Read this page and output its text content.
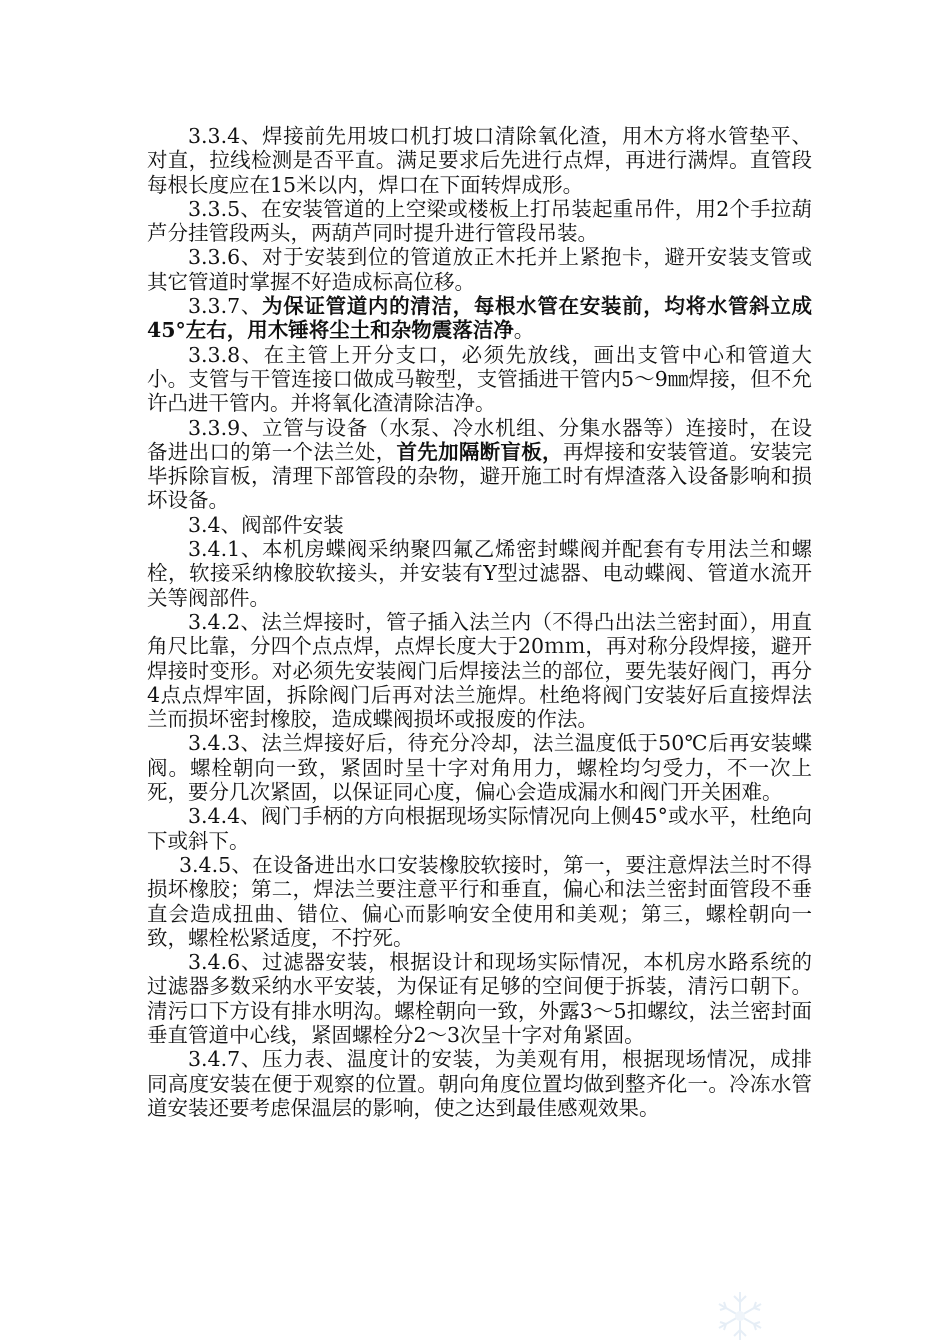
3.3.4、焊接前先用坡口机打坡口清除氧化渣，用木方将水管垫平、对直，拉线检测是否平直。满足要求后先进行点焊，再进行满焊。直管段每根长度应在15米以内，焊口在下面转焊成形。

3.3.5、在安装管道的上空梁或楼板上打吊装起重吊件，用2个手拉葫芦分挂管段两头，两葫芦同时提升进行管段吊装。

3.3.6、对于安装到位的管道放正木托并上紧抱卡，避开安装支管或其它管道时掌握不好造成标高位移。

3.3.7、为保证管道内的清洁，每根水管在安装前，均将水管斜立成45°左右，用木锤将尘土和杂物震落洁净。

3.3.8、在主管上开分支口，必须先放线，画出支管中心和管道大小。支管与干管连接口做成马鞍型，支管插进干管内5～9㎜焊接，但不允许凸进干管内。并将氧化渣清除洁净。

3.3.9、立管与设备（水泵、冷水机组、分集水器等）连接时，在设备进出口的第一个法兰处，首先加隔断盲板，再焊接和安装管道。安装完毕拆除盲板，清理下部管段的杂物，避开施工时有焊渣落入设备影响和损坏设备。

3.4、阀部件安装

3.4.1、本机房蝶阀采纳聚四氟乙烯密封蝶阀并配套有专用法兰和螺栓，软接采纳橡胶软接头，并安装有Y型过滤器、电动蝶阀、管道水流开关等阀部件。

3.4.2、法兰焊接时，管子插入法兰内（不得凸出法兰密封面），用直角尺比靠，分四个点点焊，点焊长度大于20ｍｍ，再对称分段焊接，避开焊接时变形。对必须先安装阀门后焊接法兰的部位，要先装好阀门，再分4点点焊牢固，拆除阀门后再对法兰施焊。杜绝将阀门安装好后直接焊法兰而损坏密封橡胶，造成蝶阀损坏或报废的作法。

3.4.3、法兰焊接好后，待充分冷却，法兰温度低于50℃后再安装蝶阀。螺栓朝向一致，紧固时呈十字对角用力，螺栓均匀受力，不一次上死，要分几次紧固，以保证同心度，偏心会造成漏水和阀门开关困难。

3.4.4、阀门手柄的方向根据现场实际情况向上侧45°或水平，杜绝向下或斜下。

3.4.5、在设备进出水口安装橡胶软接时，第一，要注意焊法兰时不得损坏橡胶；第二，焊法兰要注意平行和垂直，偏心和法兰密封面管段不垂直会造成扭曲、错位、偏心而影响安全使用和美观；第三，螺栓朝向一致，螺栓松紧适度，不拧死。

3.4.6、过滤器安装，根据设计和现场实际情况，本机房水路系统的过滤器多数采纳水平安装，为保证有足够的空间便于拆装，清污口朝下。清污口下方设有排水明沟。螺栓朝向一致，外露3～5扣螺纹，法兰密封面垂直管道中心线，紧固螺栓分2～3次呈十字对角紧固。

3.4.7、压力表、温度计的安装，为美观有用，根据现场情况，成排同高度安装在便于观察的位置。朝向角度位置均做到整齐化一。冷冻水管道安装还要考虑保温层的影响，使之达到最佳感观效果。
